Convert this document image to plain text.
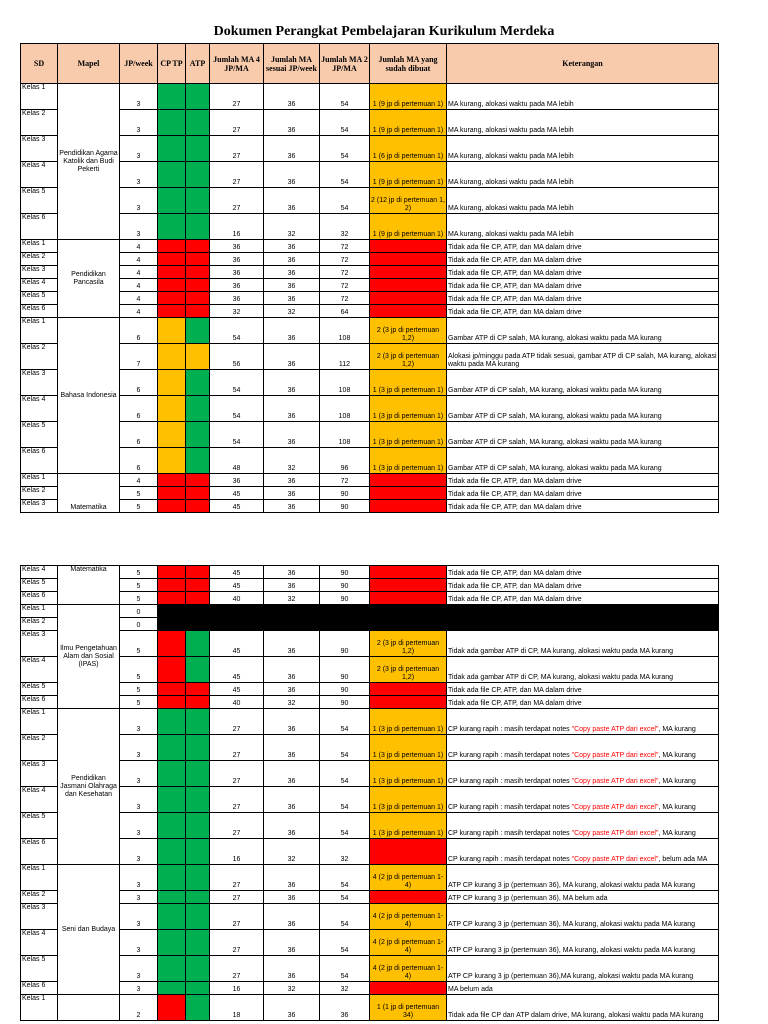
Dokumen Perangkat Pembelajaran Kurikulum Merdeka
SD	Mapel	JP/week	CP TP	ATP	Jumlah MA 4 JP/MA	Jumlah MA sesuai JP/week	Jumlah MA 2 JP/MA	Jumlah MA yang sudah dibuat	Keterangan
Kelas 1	Pendidikan Agama Katolik dan Budi Pekerti	3			27	36	54	1 (9 jp di pertemuan 1)	MA kurang, alokasi waktu pada MA lebih
Kelas 2		3			27	36	54	1 (9 jp di pertemuan 1)	MA kurang, alokasi waktu pada MA lebih
Kelas 3		3			27	36	54	1 (6 jp di pertemuan 1)	MA kurang, alokasi waktu pada MA lebih
Kelas 4		3			27	36	54	1 (9 jp di pertemuan 1)	MA kurang, alokasi waktu pada MA lebih
Kelas 5		3			27	36	54	2 (12 jp di pertemuan 1, 2)	MA kurang, alokasi waktu pada MA lebih
Kelas 6		3			16	32	32	1 (9 jp di pertemuan 1)	MA kurang, alokasi waktu pada MA lebih
Kelas 1	Pendidikan Pancasila	4			36	36	72		Tidak ada file CP, ATP, dan MA dalam drive
Kelas 2		4			36	36	72		Tidak ada file CP, ATP, dan MA dalam drive
Kelas 3		4			36	36	72		Tidak ada file CP, ATP, dan MA dalam drive
Kelas 4		4			36	36	72		Tidak ada file CP, ATP, dan MA dalam drive
Kelas 5		4			36	36	72		Tidak ada file CP, ATP, dan MA dalam drive
Kelas 6		4			32	32	64		Tidak ada file CP, ATP, dan MA dalam drive
Kelas 1	Bahasa Indonesia	6			54	36	108	2 (3 jp di pertemuan 1,2)	Gambar ATP di CP salah, MA kurang, alokasi waktu pada MA kurang
Kelas 2		7			56	36	112	2 (3 jp di pertemuan 1,2)	Alokasi jp/minggu pada ATP tidak sesuai, gambar ATP di CP salah, MA kurang, alokasi waktu pada MA kurang
Kelas 3		6			54	36	108	1 (3 jp di pertemuan 1)	Gambar ATP di CP salah, MA kurang, alokasi waktu pada MA kurang
Kelas 4		6			54	36	108	1 (3 jp di pertemuan 1)	Gambar ATP di CP salah, MA kurang, alokasi waktu pada MA kurang
Kelas 5		6			54	36	108	1 (3 jp di pertemuan 1)	Gambar ATP di CP salah, MA kurang, alokasi waktu pada MA kurang
Kelas 6		6			48	32	96	1 (3 jp di pertemuan 1)	Gambar ATP di CP salah, MA kurang, alokasi waktu pada MA kurang
Kelas 1	Matematika	4			36	36	72		Tidak ada file CP, ATP, dan MA dalam drive
Kelas 2		5			45	36	90		Tidak ada file CP, ATP, dan MA dalam drive
Kelas 3		5			45	36	90		Tidak ada file CP, ATP, dan MA dalam drive
Kelas 4	Matematika	5			45	36	90		Tidak ada file CP, ATP, dan MA dalam drive
Kelas 5		5			45	36	90		Tidak ada file CP, ATP, dan MA dalam drive
Kelas 6		5			40	32	90		Tidak ada file CP, ATP, dan MA dalam drive
Kelas 1	Ilmu Pengetahuan Alam dan Sosial (IPAS)	0							
Kelas 2		0							
Kelas 3		5			45	36	90	2 (3 jp di pertemuan 1,2)	Tidak ada gambar ATP di CP, MA kurang, alokasi waktu pada MA kurang
Kelas 4		5			45	36	90	2 (3 jp di pertemuan 1,2)	Tidak ada gambar ATP di CP, MA kurang, alokasi waktu pada MA kurang
Kelas 5		5			45	36	90		Tidak ada file CP, ATP, dan MA dalam drive
Kelas 6		5			40	32	90		Tidak ada file CP, ATP, dan MA dalam drive
Kelas 1	Pendidikan Jasmani Olahraga dan Kesehatan	3			27	36	54	1 (3 jp di pertemuan 1)	CP kurang rapih : masih terdapat notes "Copy paste ATP dari excel", MA kurang
Kelas 2		3			27	36	54	1 (3 jp di pertemuan 1)	CP kurang rapih : masih terdapat notes "Copy paste ATP dari excel", MA kurang
Kelas 3		3			27	36	54	1 (3 jp di pertemuan 1)	CP kurang rapih : masih terdapat notes "Copy paste ATP dari excel", MA kurang
Kelas 4		3			27	36	54	1 (3 jp di pertemuan 1)	CP kurang rapih : masih terdapat notes "Copy paste ATP dari excel", MA kurang
Kelas 5		3			27	36	54	1 (3 jp di pertemuan 1)	CP kurang rapih : masih terdapat notes "Copy paste ATP dari excel", MA kurang
Kelas 6		3			16	32	32		CP kurang rapih : masih terdapat notes "Copy paste ATP dari excel", belum ada MA
Kelas 1	Seni dan Budaya	3			27	36	54	4 (2 jp di pertemuan 1-4)	ATP CP kurang 3 jp (pertemuan 36), MA kurang, alokasi waktu pada MA kurang
Kelas 2		3			27	36	54		ATP CP kurang 3 jp (pertemuan 36), MA belum ada
Kelas 3		3			27	36	54	4 (2 jp di pertemuan 1-4)	ATP CP kurang 3 jp (pertemuan 36), MA kurang, alokasi waktu pada MA kurang
Kelas 4		3			27	36	54	4 (2 jp di pertemuan 1-4)	ATP CP kurang 3 jp (pertemuan 36), MA kurang, alokasi waktu pada MA kurang
Kelas 5		3			27	36	54	4 (2 jp di pertemuan 1-4)	ATP CP kurang 3 jp (pertemuan 36),MA kurang, alokasi waktu pada MA kurang
Kelas 6		3			16	32	32		MA belum ada
Kelas 1		2			18	36	36	1 (1 jp di pertemuan 34)	Tidak ada file CP dan ATP dalam drive, MA kurang, alokasi waktu pada MA kurang
